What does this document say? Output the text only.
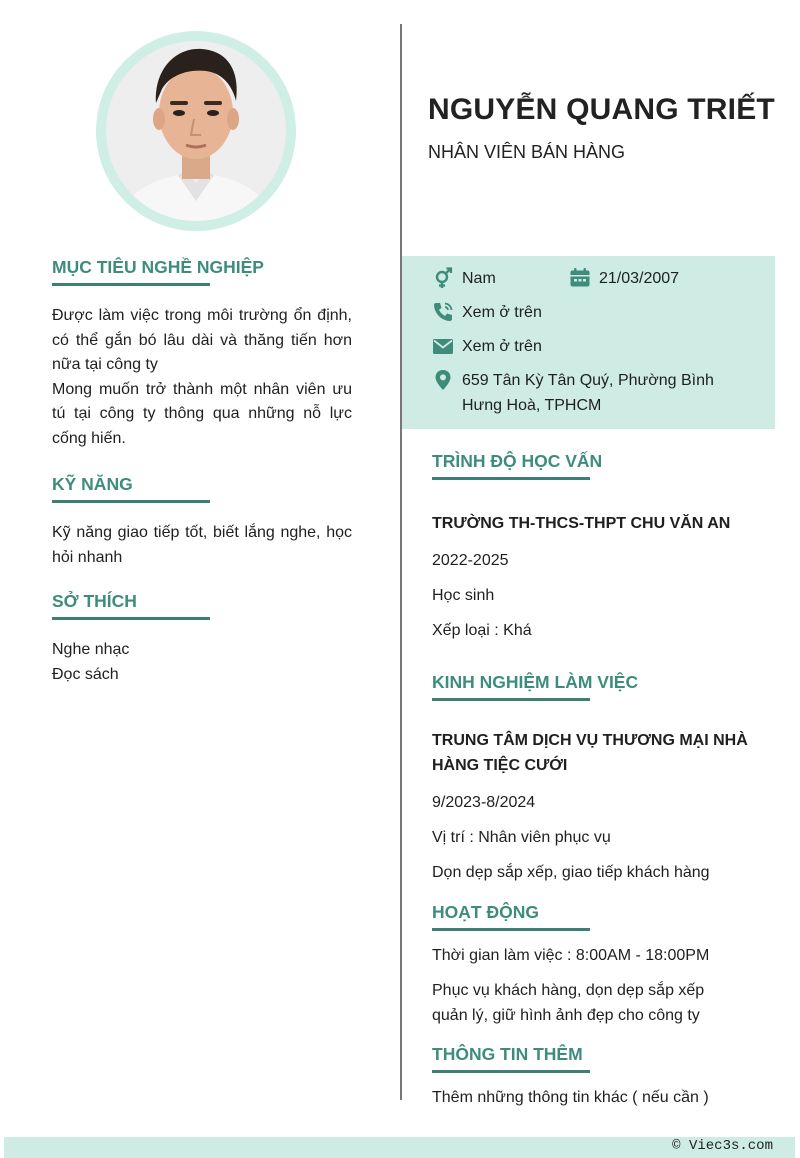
MỤC TIÊU NGHỀ NGHIỆP

Được làm việc trong môi trường ổn định, có thể gắn bó lâu dài và thăng tiến hơn nữa tại công ty

Mong muốn trở thành một nhân viên ưu tú tại công ty thông qua những nỗ lực cống hiến.

KỸ NĂNG

Kỹ năng giao tiếp tốt, biết lắng nghe, học hỏi nhanh

SỞ THÍCH

Nghe nhạc

Đọc sách

NGUYỄN QUANG TRIẾT

NHÂN VIÊN BÁN HÀNG

Nam	21/03/2007
Xem ở trên
Xem ở trên
659 Tân Kỳ Tân Quý, Phường Bình
Hưng Hoà, TPHCM
TRÌNH ĐỘ HỌC VẤN

TRƯỜNG TH-THCS-THPT CHU VĂN AN

2022-2025

Học sinh

Xếp loại : Khá

KINH NGHIỆM LÀM VIỆC

TRUNG TÂM DỊCH VỤ THƯƠNG MẠI NHÀ
HÀNG TIỆC CƯỚI

9/2023-8/2024

Vị trí : Nhân viên phục vụ

Dọn dẹp sắp xếp, giao tiếp khách hàng

HOẠT ĐỘNG

Thời gian làm việc : 8:00AM - 18:00PM

Phục vụ khách hàng, dọn dẹp sắp xếp
quản lý, giữ hình ảnh đẹp cho công ty

THÔNG TIN THÊM

Thêm những thông tin khác ( nếu cần )

© Viec3s.com
